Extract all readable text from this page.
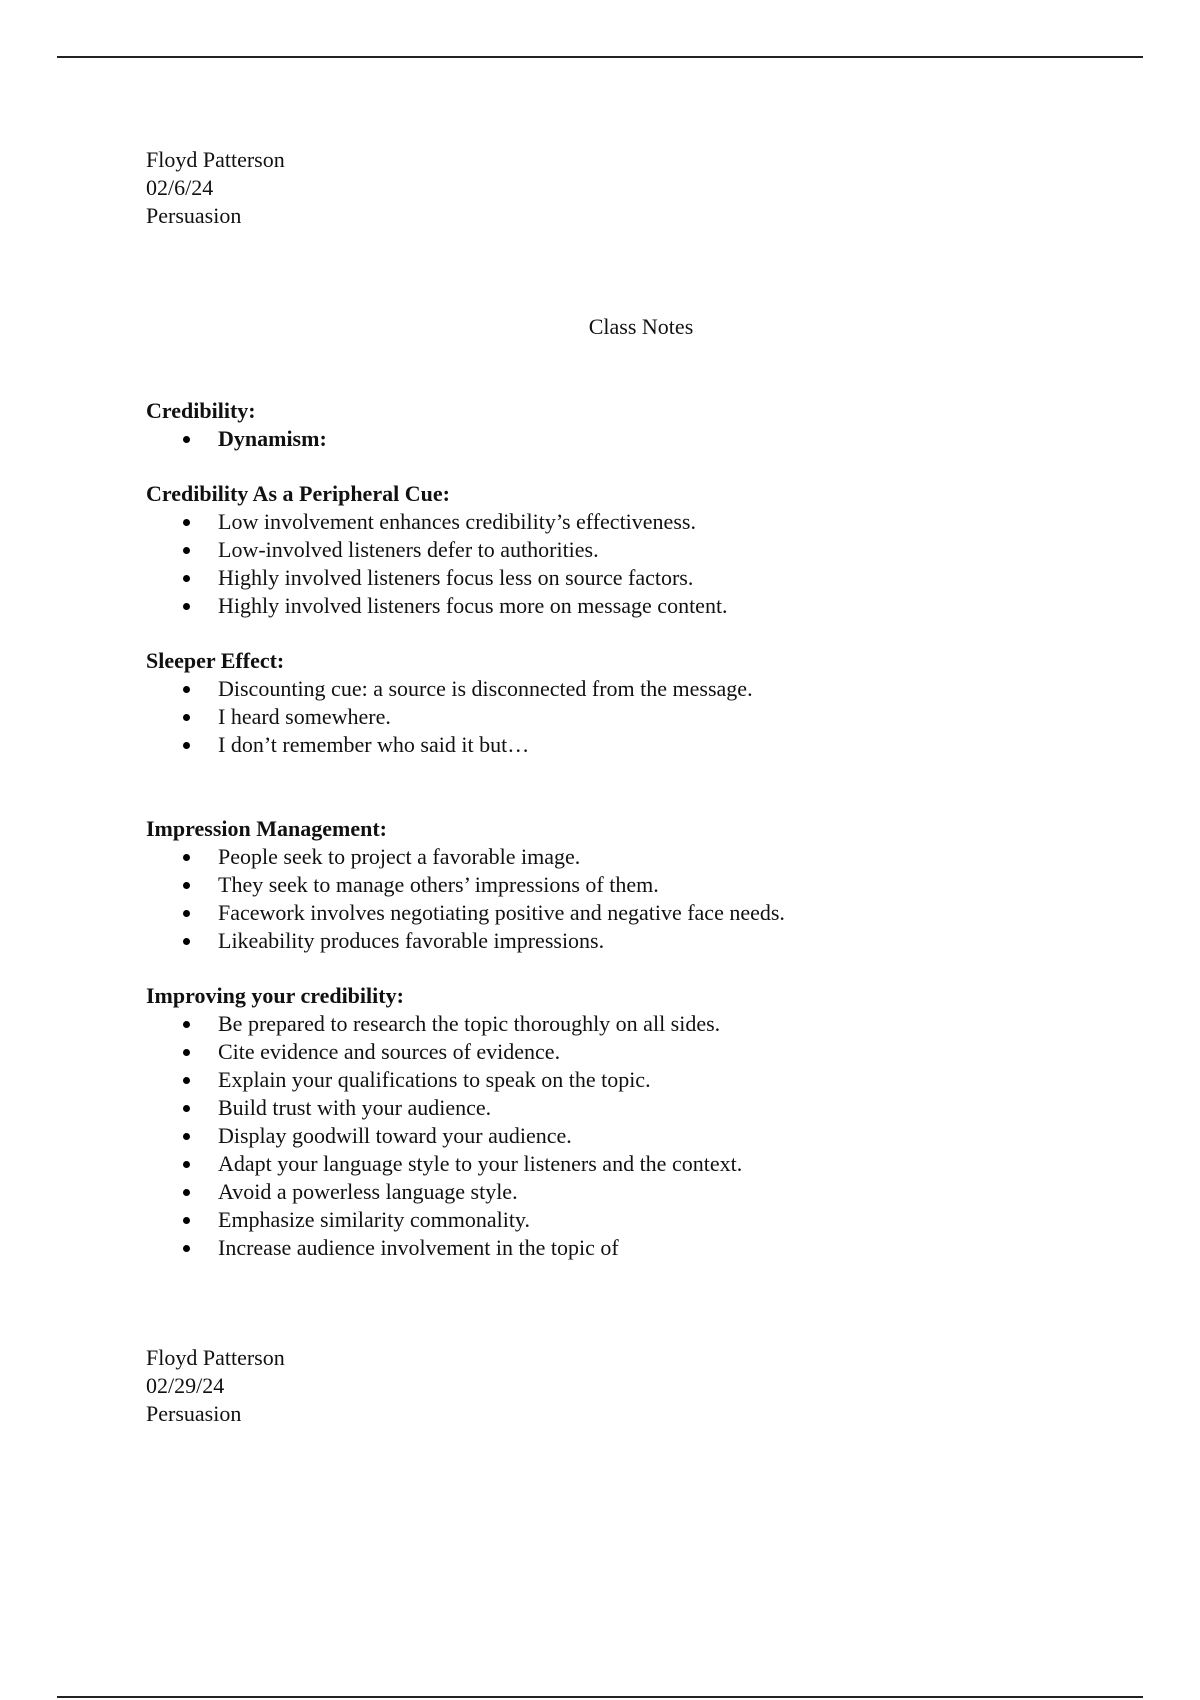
Floyd Patterson
02/6/24
Persuasion
Class Notes
Credibility:
Dynamism:
Credibility As a Peripheral Cue:
Low involvement enhances credibility’s effectiveness.
Low-involved listeners defer to authorities.
Highly involved listeners focus less on source factors.
Highly involved listeners focus more on message content.
Sleeper Effect:
Discounting cue: a source is disconnected from the message.
I heard somewhere.
I don’t remember who said it but…
Impression Management:
People seek to project a favorable image.
They seek to manage others’ impressions of them.
Facework involves negotiating positive and negative face needs.
Likeability produces favorable impressions.
Improving your credibility:
Be prepared to research the topic thoroughly on all sides.
Cite evidence and sources of evidence.
Explain your qualifications to speak on the topic.
Build trust with your audience.
Display goodwill toward your audience.
Adapt your language style to your listeners and the context.
Avoid a powerless language style.
Emphasize similarity commonality.
Increase audience involvement in the topic of
Floyd Patterson
02/29/24
Persuasion
